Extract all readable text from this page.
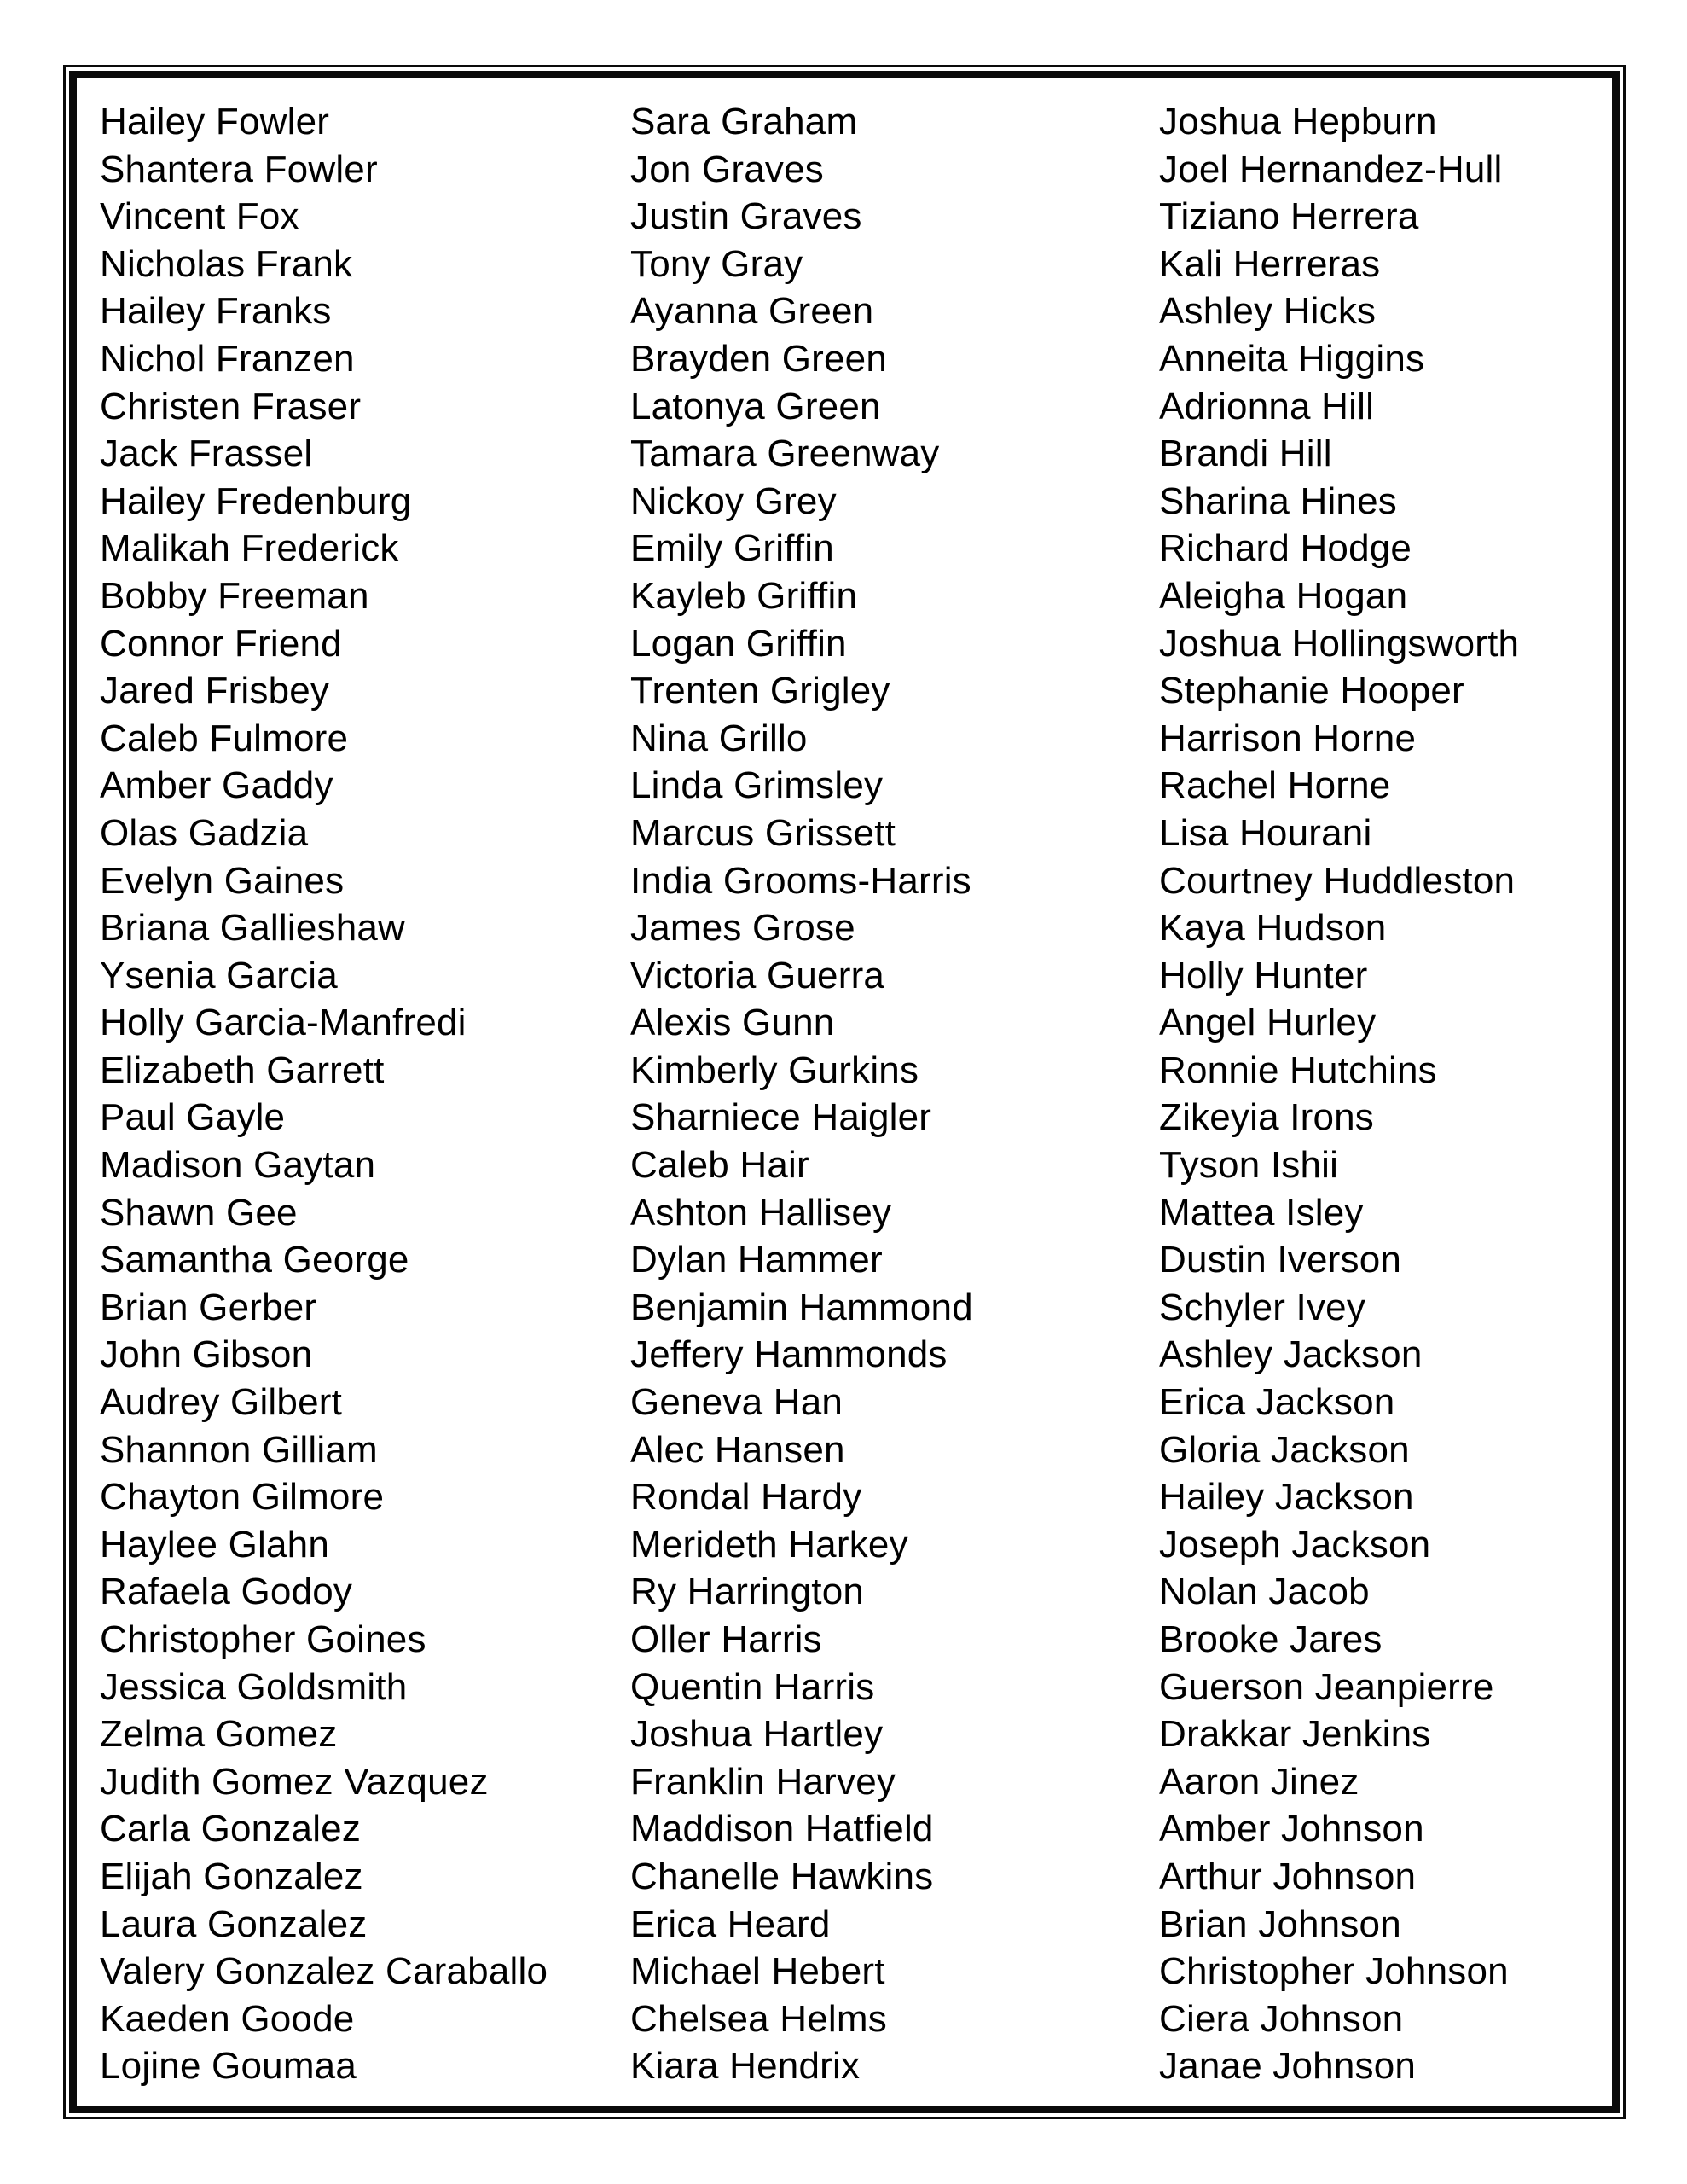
Hailey Fowler
Shantera Fowler
Vincent Fox
Nicholas Frank
Hailey Franks
Nichol Franzen
Christen Fraser
Jack Frassel
Hailey Fredenburg
Malikah Frederick
Bobby Freeman
Connor Friend
Jared Frisbey
Caleb Fulmore
Amber Gaddy
Olas Gadzia
Evelyn Gaines
Briana Gallieshaw
Ysenia Garcia
Holly Garcia-Manfredi
Elizabeth Garrett
Paul Gayle
Madison Gaytan
Shawn Gee
Samantha George
Brian Gerber
John Gibson
Audrey Gilbert
Shannon Gilliam
Chayton Gilmore
Haylee Glahn
Rafaela Godoy
Christopher Goines
Jessica Goldsmith
Zelma Gomez
Judith Gomez Vazquez
Carla Gonzalez
Elijah Gonzalez
Laura Gonzalez
Valery Gonzalez Caraballo
Kaeden Goode
Lojine Goumaa
Sara Graham
Jon Graves
Justin Graves
Tony Gray
Ayanna Green
Brayden Green
Latonya Green
Tamara Greenway
Nickoy Grey
Emily Griffin
Kayleb Griffin
Logan Griffin
Trenten Grigley
Nina Grillo
Linda Grimsley
Marcus Grissett
India Grooms-Harris
James Grose
Victoria Guerra
Alexis Gunn
Kimberly Gurkins
Sharniece Haigler
Caleb Hair
Ashton Hallisey
Dylan Hammer
Benjamin Hammond
Jeffery Hammonds
Geneva Han
Alec Hansen
Rondal Hardy
Merideth Harkey
Ry Harrington
Oller Harris
Quentin Harris
Joshua Hartley
Franklin Harvey
Maddison Hatfield
Chanelle Hawkins
Erica Heard
Michael Hebert
Chelsea Helms
Kiara Hendrix
Joshua Hepburn
Joel Hernandez-Hull
Tiziano Herrera
Kali Herreras
Ashley Hicks
Anneita Higgins
Adrionna Hill
Brandi Hill
Sharina Hines
Richard Hodge
Aleigha Hogan
Joshua Hollingsworth
Stephanie Hooper
Harrison Horne
Rachel Horne
Lisa Hourani
Courtney Huddleston
Kaya Hudson
Holly Hunter
Angel Hurley
Ronnie Hutchins
Zikeyia Irons
Tyson Ishii
Mattea Isley
Dustin Iverson
Schyler Ivey
Ashley Jackson
Erica Jackson
Gloria Jackson
Hailey Jackson
Joseph Jackson
Nolan Jacob
Brooke Jares
Guerson Jeanpierre
Drakkar Jenkins
Aaron Jinez
Amber Johnson
Arthur Johnson
Brian Johnson
Christopher Johnson
Ciera Johnson
Janae Johnson
